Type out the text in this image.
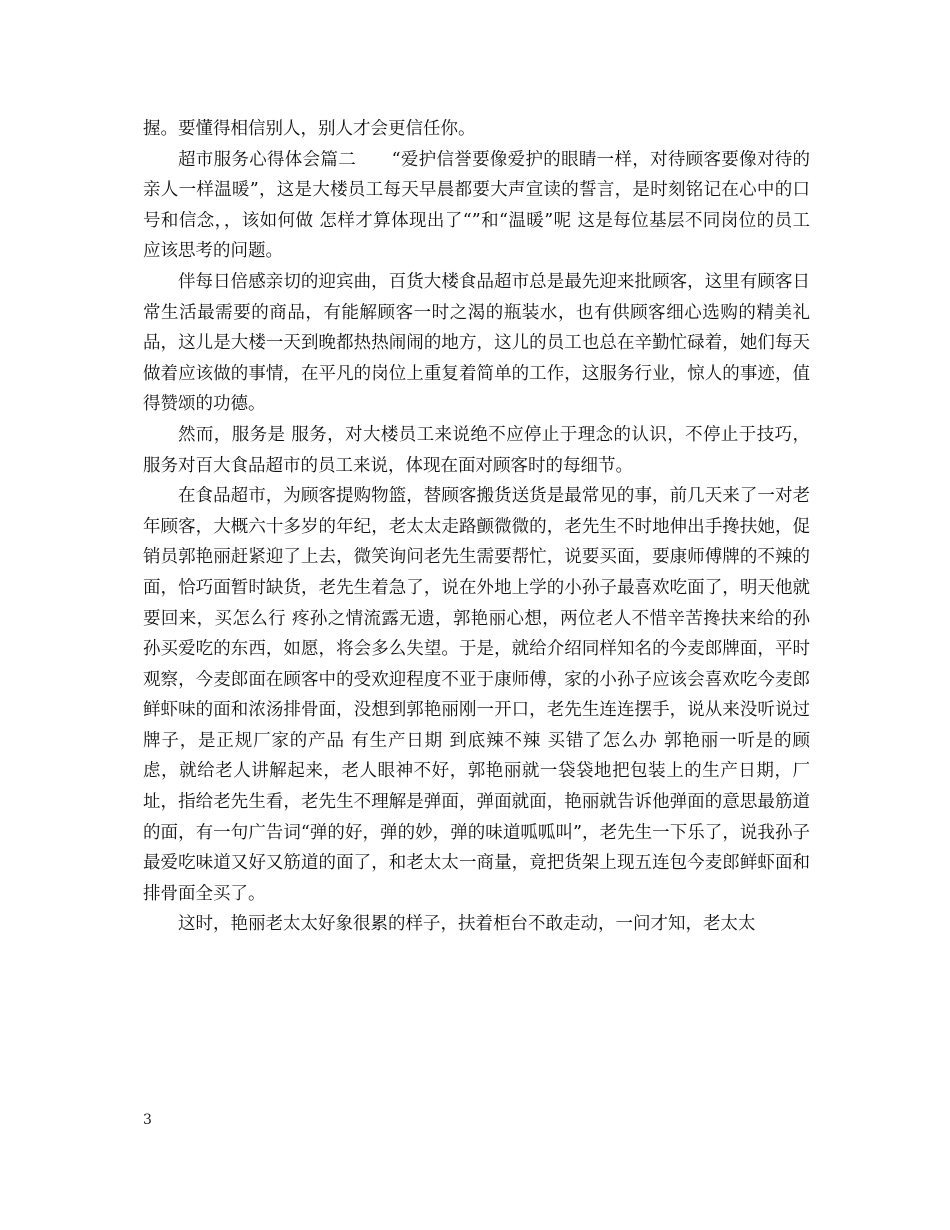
握。要懂得相信别人，别人才会更信任你。

超市服务心得体会篇二　　“爱护信誉要像爱护的眼睛一样，对待顾客要像对待的亲人一样温暖”，这是大楼员工每天早晨都要大声宣读的誓言，是时刻铭记在心中的口号和信念，，该如何做 怎样才算体现出了“”和“温暖”呢 这是每位基层不同岗位的员工应该思考的问题。

伴每日倍感亲切的迎宾曲，百货大楼食品超市总是最先迎来批顾客，这里有顾客日常生活最需要的商品，有能解顾客一时之渴的瓶装水，也有供顾客细心选购的精美礼品，这儿是大楼一天到晚都热热闹闹的地方，这儿的员工也总在辛勤忙碌着，她们每天做着应该做的事情，在平凡的岗位上重复着简单的工作，这服务行业，惊人的事迹，值得赞颂的功德。

然而，服务是 服务，对大楼员工来说绝不应停止于理念的认识，不停止于技巧，服务对百大食品超市的员工来说，体现在面对顾客时的每细节。

在食品超市，为顾客提购物篮，替顾客搬货送货是最常见的事，前几天来了一对老年顾客，大概六十多岁的年纪，老太太走路颤微微的，老先生不时地伸出手搀扶她，促销员郭艳丽赶紧迎了上去，微笑询问老先生需要帮忙，说要买面，要康师傅牌的不辣的面，恰巧面暂时缺货，老先生着急了，说在外地上学的小孙子最喜欢吃面了，明天他就要回来，买怎么行 疼孙之情流露无遗，郭艳丽心想，两位老人不惜辛苦搀扶来给的孙孙买爱吃的东西，如愿，将会多么失望。于是，就给介绍同样知名的今麦郎牌面，平时观察，今麦郎面在顾客中的受欢迎程度不亚于康师傅，家的小孙子应该会喜欢吃今麦郎鲜虾味的面和浓汤排骨面，没想到郭艳丽刚一开口，老先生连连摆手，说从来没听说过牌子，是正规厂家的产品 有生产日期 到底辣不辣 买错了怎么办 郭艳丽一听是的顾虑，就给老人讲解起来，老人眼神不好，郭艳丽就一袋袋地把包装上的生产日期，厂址，指给老先生看，老先生不理解是弹面，弹面就面，艳丽就告诉他弹面的意思最筋道的面，有一句广告词“弹的好，弹的妙，弹的味道呱呱叫”，老先生一下乐了，说我孙子最爱吃味道又好又筋道的面了，和老太太一商量，竟把货架上现五连包今麦郎鲜虾面和排骨面全买了。

这时，艳丽老太太好象很累的样子，扶着柜台不敢走动，一问才知，老太太

3
